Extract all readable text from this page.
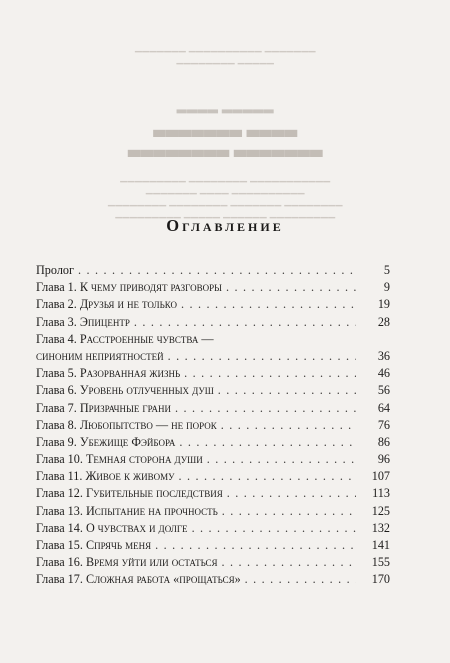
▁▁▁▁▁▁▁ ▁▁▁▁▁▁▁▁▁▁ ▁▁▁▁▁▁▁
▁▁▁▁▁ ▁▁▁▁▁▁▁▁
▂▂▂▂▂ ▂▂▂▂
▃▃▃▃ ▃▃▃▃▃▃▃
▃▃▃▃▃▃▃ ▃▃▃▃▃▃▃▃
▁▁▁▁▁▁▁▁▁▁▁ ▁▁▁▁▁▁▁▁ ▁▁▁▁▁▁▁▁▁
▁▁▁▁▁▁▁▁▁▁ ▁▁▁▁ ▁▁▁▁▁▁▁
▁▁▁▁▁▁▁▁ ▁▁▁▁▁▁▁ ▁▁▁▁▁▁▁▁ ▁▁▁▁▁▁▁▁
▁▁▁▁▁▁▁▁▁ ▁▁▁▁▁▁ ▁▁▁▁▁ ▁▁▁▁▁▁▁▁▁
Оглавление
Пролог . . .	5
Глава 1. К чему приводят разговоры . . .	9
Глава 2. Друзья и не только . . .	19
Глава 3. Эпицентр . . .	28
Глава 4. Расстроенные чувства —
синоним неприятностей . . .	36
Глава 5. Разорванная жизнь . . .	46
Глава 6. Уровень отлученных душ . . .	56
Глава 7. Призрачные грани . . .	64
Глава 8. Любопытство — не порок . . .	76
Глава 9. Убежище Фэйбора . . .	86
Глава 10. Темная сторона души . . .	96
Глава 11. Живое к живому . . .	107
Глава 12. Губительные последствия . . .	113
Глава 13. Испытание на прочность . . .	125
Глава 14. О чувствах и долге . . .	132
Глава 15. Спрячь меня . . .	141
Глава 16. Время уйти или остаться . . .	155
Глава 17. Сложная работа «прощаться» . . .	170
